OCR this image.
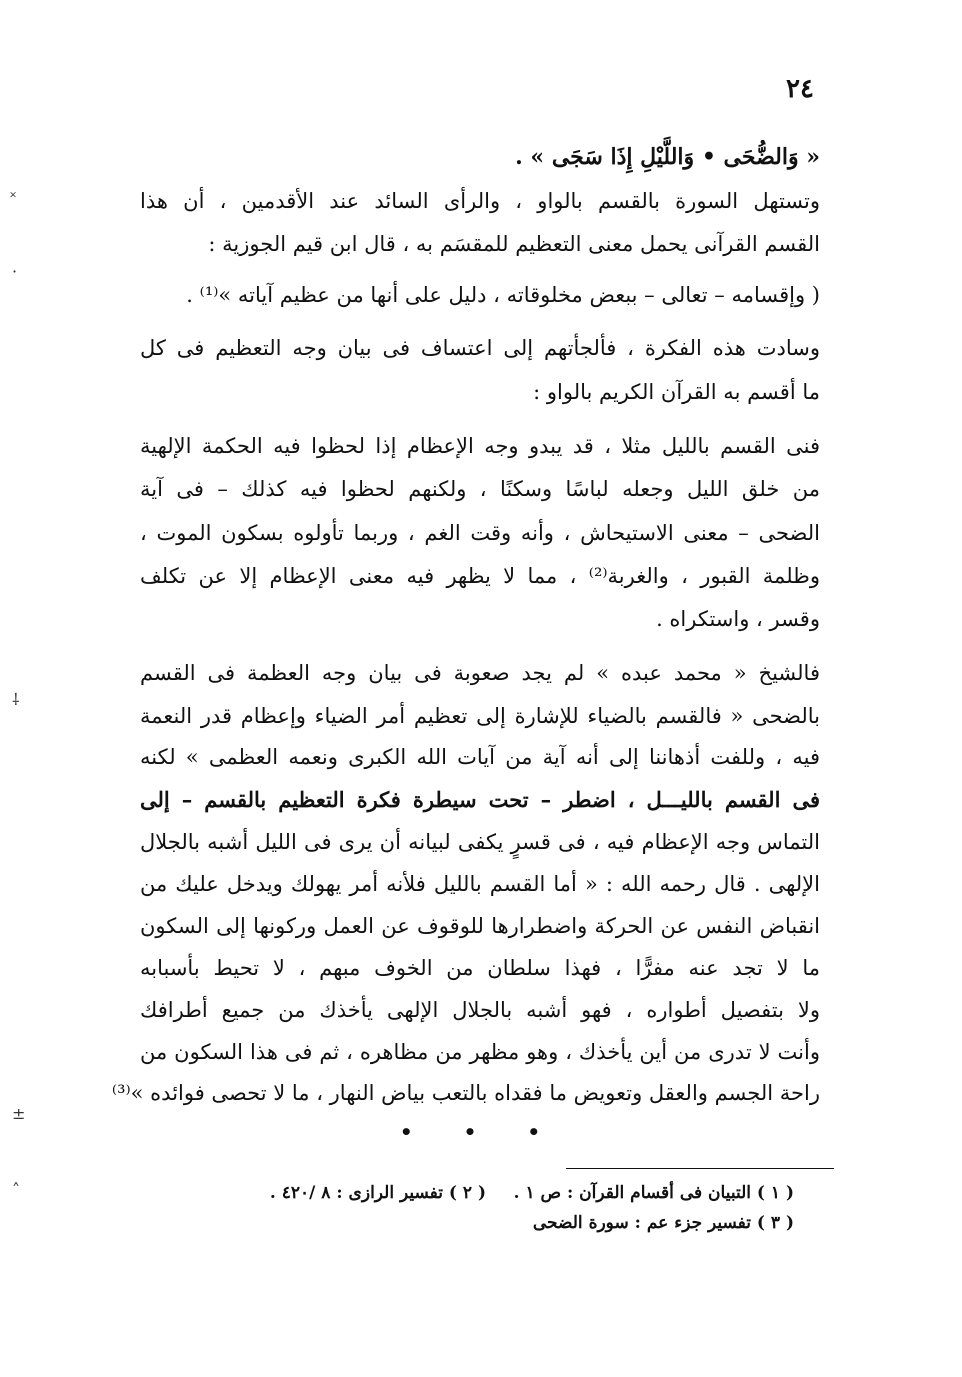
٢٤
« وَالضُّحَى • وَاللَّيْلِ إِذَا سَجَى » .
وتستهل السورة بالقسم بالواو ، والرأى السائد عند الأقدمين ، أن هذا
القسم القرآنى يحمل معنى التعظيم للمقسَم به ، قال ابن قيم الجوزية :
( وإقسامه – تعالى – ببعض مخلوقاته ، دليل على أنها من عظيم آياته »⁽¹⁾ .
وسادت هذه الفكرة ، فألجأتهم إلى اعتساف فى بيان وجه التعظيم فى كل
ما أقسم به القرآن الكريم بالواو :
فنى القسم بالليل مثلا ، قد يبدو وجه الإعظام إذا لحظوا فيه الحكمة الإلهية
من خلق الليل وجعله لباسًا وسكنًا ، ولكنهم لحظوا فيه كذلك – فى آية
الضحى – معنى الاستيحاش ، وأنه وقت الغم ، وربما تأولوه بسكون الموت ،
وظلمة القبور ، والغربة⁽²⁾ ، مما لا يظهر فيه معنى الإعظام إلا عن تكلف
وقسر ، واستكراه .
فالشيخ « محمد عبده » لم يجد صعوبة فى بيان وجه العظمة فى القسم
بالضحى « فالقسم بالضياء للإشارة إلى تعظيم أمر الضياء وإعظام قدر النعمة
فيه ، وللفت أذهاننا إلى أنه آية من آيات الله الكبرى ونعمه العظمى » لكنه
فى القسم بالليـــل ، اضطر – تحت سيطرة فكرة التعظيم بالقسم – إلى
التماس وجه الإعظام فيه ، فى قسرٍ يكفى لبيانه أن يرى فى الليل أشبه بالجلال
الإلهى . قال رحمه الله : « أما القسم بالليل فلأنه أمر يهولك ويدخل عليك من
انقباض النفس عن الحركة واضطرارها للوقوف عن العمل وركونها إلى السكون
ما لا تجد عنه مفرًّا ، فهذا سلطان من الخوف مبهم ، لا تحيط بأسبابه
ولا بتفصيل أطواره ، فهو أشبه بالجلال الإلهى يأخذك من جميع أطرافك
وأنت لا تدرى من أين يأخذك ، وهو مظهر من مظاهره ، ثم فى هذا السكون من
راحة الجسم والعقل وتعويض ما فقداه بالتعب بياض النهار ، ما لا تحصى فوائده »⁽³⁾
• • •
( ١ ) التبيان فى أقسام القرآن : ص ١ .
( ٢ ) تفسير الرازى : ٨ /٤٢٠ .
( ٣ ) تفسير جزء عم : سورة الضحى
˟
·
⸸
±
˄
